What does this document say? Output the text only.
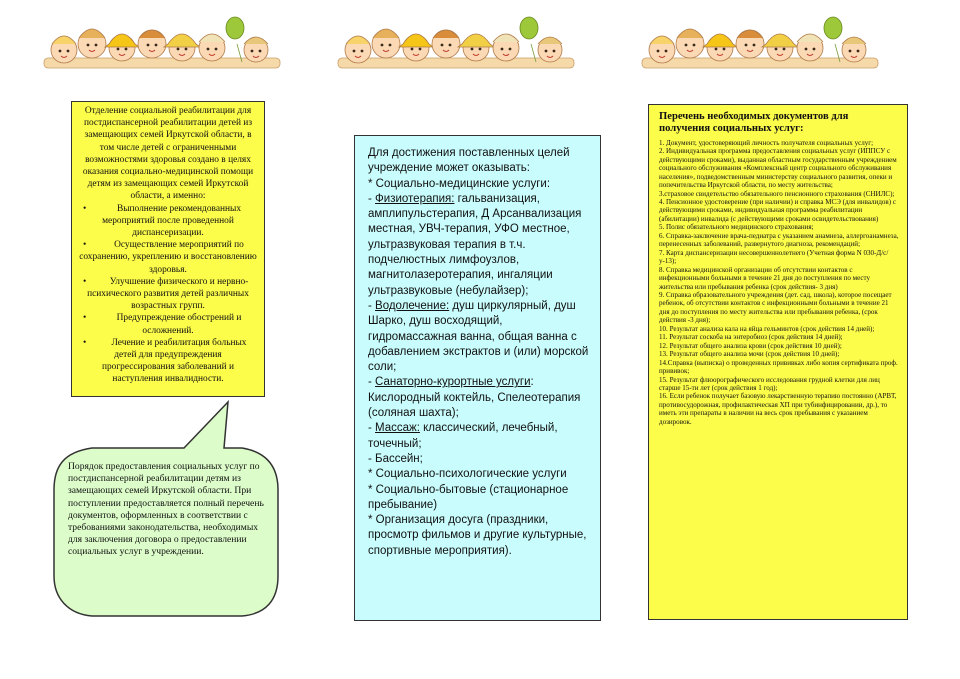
Отделение социальной реабилитации для постдиспансерной реабилитации детей из замещающих семей Иркутской области, в том числе детей с ограниченными возможностями здоровья создано в целях оказания социально-медицинской помощи детям из замещающих семей Иркутской области, а именно:
•	Выполнение рекомендованных мероприятий после проведенной диспансеризации.
•	Осуществление мероприятий по сохранению, укреплению и восстановлению здоровья.
•	Улучшение физического и нервно-психического развития детей различных возрастных групп.
•	Предупреждение обострений и осложнений.
•	Лечение и реабилитация больных детей для предупреждения прогрессирования заболеваний и наступления инвалидности.
Порядок предоставления социальных услуг по постдиспансерной реабилитации детям из замещающих семей Иркутской области. При поступлении предоставляется полный перечень документов, оформленных в соответствии с требованиями законодательства, необходимых для заключения договора о предоставлении социальных услуг в учреждении.

Для достижения поставленных целей учреждение может оказывать:

* Социально-медицинские услуги:

- Физиотерапия: гальванизация, амплипульстерапия, Д Арсанвализация местная, УВЧ-терапия, УФО местное, ультразвуковая терапия в т.ч. подчелюстных лимфоузлов, магнитолазеротерапия, ингаляции ультразвуковые (небулайзер);

- Водолечение: душ циркулярный, душ Шарко, душ восходящий, гидромассажная ванна, общая ванна с добавлением экстрактов и (или) морской соли;

- Санаторно-курортные услуги: Кислородный коктейль, Спелеотерапия (соляная шахта);

- Массаж: классический, лечебный, точечный;

- Бассейн;

* Социально-психологические услуги

* Социально-бытовые (стационарное пребывание)

* Организация досуга (праздники, просмотр фильмов и другие культурные, спортивные мероприятия).

Перечень необходимых документов для получения социальных услуг:

1. Документ, удостоверяющий личность получателя социальных услуг;

2. Индивидуальная программа предоставления социальных услуг (ИППСУ с действующими сроками), выданная областным государственным учреждением социального обслуживания «Комплексный центр социального обслуживания населения», подведомственным министерству социального развития, опеки и попечительства Иркутской области, по месту жительства;

3.страховое свидетельство обязательного пенсионного страхования (СНИЛС);

4. Пенсионное удостоверение (при наличии) и справка МСЭ (для инвалидов) с действующими сроками, индивидуальная программа реабилитации (абилитации) инвалида (с действующими сроками освидетельствования)

5. Полис обязательного медицинского страхования;

6. Справка-заключение врача-педиатра с указанием анамнеза, аллергоанамнеза, перенесенных заболеваний, развернутого диагноза, рекомендаций;

7. Карта диспансеризации несовершеннолетнего (Учетная форма N 030-Д/с/у-13);

8. Справка медицинской организации об отсутствии контактов с инфекционными больными в течение 21 дня до поступления по месту жительства или пребывания ребенка (срок действия- 3 дня)

9. Справка образовательного учреждения (дет. сад, школа), которое посещает ребенок, об отсутствии контактов с инфекционными больными в течение 21 дня до поступления по месту жительства или пребывания ребенка, (срок действия -3 дня);

10. Результат анализа кала на яйца гельминтов (срок действия 14 дней);

11. Результат соскоба на энтеробиоз (срок действия 14 дней);

12. Результат общего анализа крови (срок действия 10 дней);

13. Результат общего анализа мочи (срок действия 10 дней);

14.Справка (выписка) о проведенных прививках либо копия сертификата проф. прививок;

15. Результат флюорографического исследования грудной клетки для лиц старше 15-ти лет (срок действия 1 год);

16. Если ребенок получает базовую лекарственную терапию постоянно (АРВТ, противосудорожная, профилактическая ХП при тубинфицировании, др.), то иметь эти препараты в наличии на весь срок пребывания с указанием дозировок.
